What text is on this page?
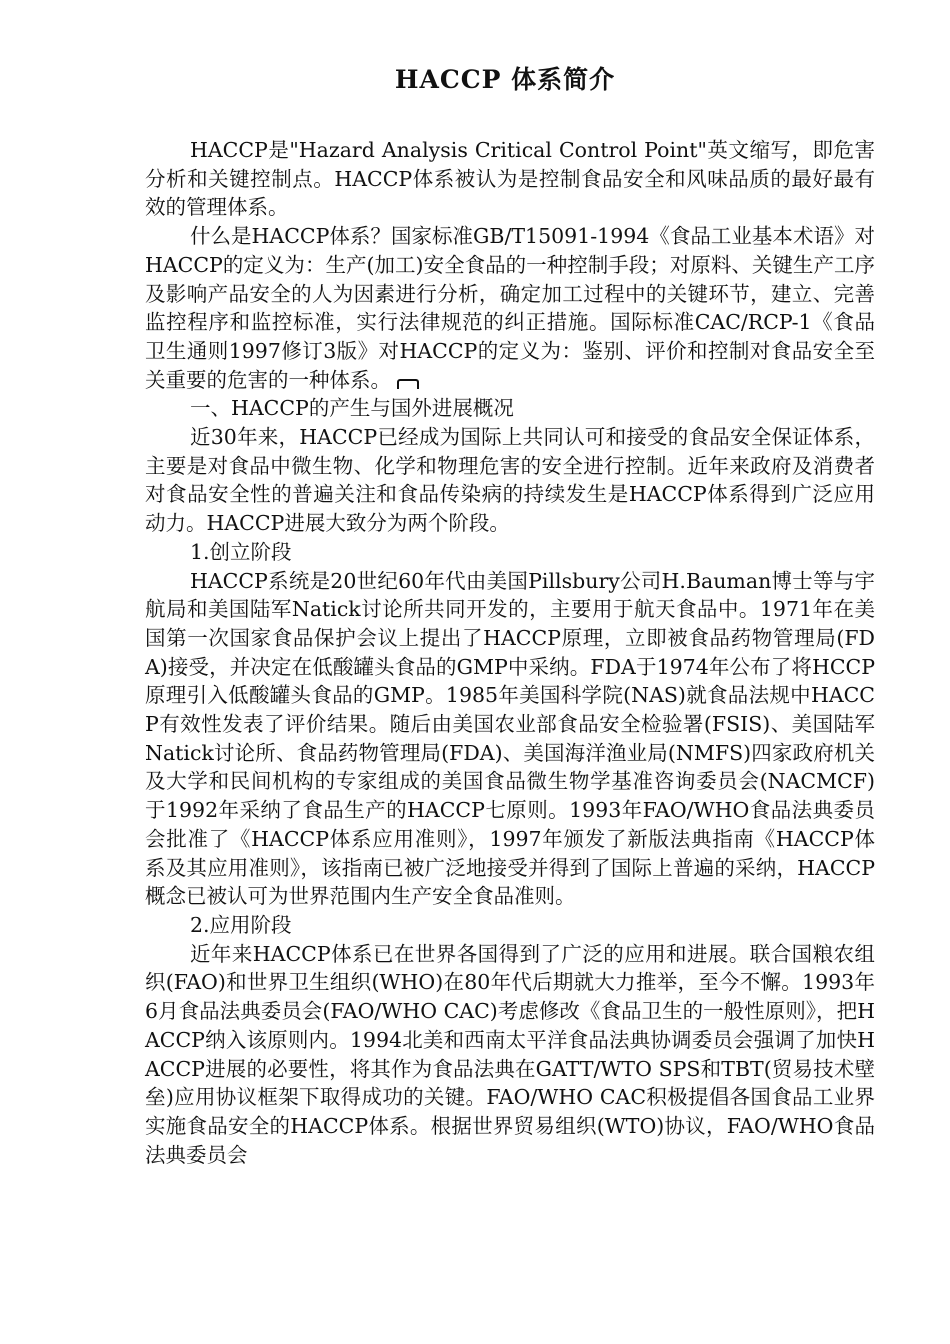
HACCP 体系简介

HACCP是"Hazard Analysis Critical Control Point"英文缩写，即危害分析和关键控制点。HACCP体系被认为是控制食品安全和风味品质的最好最有效的管理体系。

什么是HACCP体系？国家标准GB/T15091-1994《食品工业基本术语》对HACCP的定义为：生产(加工)安全食品的一种控制手段；对原料、关键生产工序及影响产品安全的人为因素进行分析，确定加工过程中的关键环节，建立、完善监控程序和监控标准，实行法律规范的纠正措施。国际标准CAC/RCP-1《食品卫生通则1997修订3版》对HACCP的定义为：鉴别、评价和控制对食品安全至关重要的危害的一种体系。

一、HACCP的产生与国外进展概况

近30年来，HACCP已经成为国际上共同认可和接受的食品安全保证体系，主要是对食品中微生物、化学和物理危害的安全进行控制。近年来政府及消费者对食品安全性的普遍关注和食品传染病的持续发生是HACCP体系得到广泛应用动力。HACCP进展大致分为两个阶段。

1.创立阶段

HACCP系统是20世纪60年代由美国Pillsbury公司H.Bauman博士等与宇航局和美国陆军Natick讨论所共同开发的，主要用于航天食品中。1971年在美国第一次国家食品保护会议上提出了HACCP原理，立即被食品药物管理局(FDA)接受，并决定在低酸罐头食品的GMP中采纳。FDA于1974年公布了将HCCP原理引入低酸罐头食品的GMP。1985年美国科学院(NAS)就食品法规中HACCP有效性发表了评价结果。随后由美国农业部食品安全检验署(FSIS)、美国陆军Natick讨论所、食品药物管理局(FDA)、美国海洋渔业局(NMFS)四家政府机关及大学和民间机构的专家组成的美国食品微生物学基准咨询委员会(NACMCF)于1992年采纳了食品生产的HACCP七原则。1993年FAO/WHO食品法典委员会批准了《HACCP体系应用准则》，1997年颁发了新版法典指南《HACCP体系及其应用准则》，该指南已被广泛地接受并得到了国际上普遍的采纳，HACCP概念已被认可为世界范围内生产安全食品准则。

2.应用阶段

近年来HACCP体系已在世界各国得到了广泛的应用和进展。联合国粮农组织(FAO)和世界卫生组织(WHO)在80年代后期就大力推举，至今不懈。1993年6月食品法典委员会(FAO/WHO CAC)考虑修改《食品卫生的一般性原则》，把HACCP纳入该原则内。1994北美和西南太平洋食品法典协调委员会强调了加快HACCP进展的必要性，将其作为食品法典在GATT/WTO SPS和TBT(贸易技术壁垒)应用协议框架下取得成功的关键。FAO/WHO CAC积极提倡各国食品工业界实施食品安全的HACCP体系。根据世界贸易组织(WTO)协议，FAO/WHO食品法典委员会
